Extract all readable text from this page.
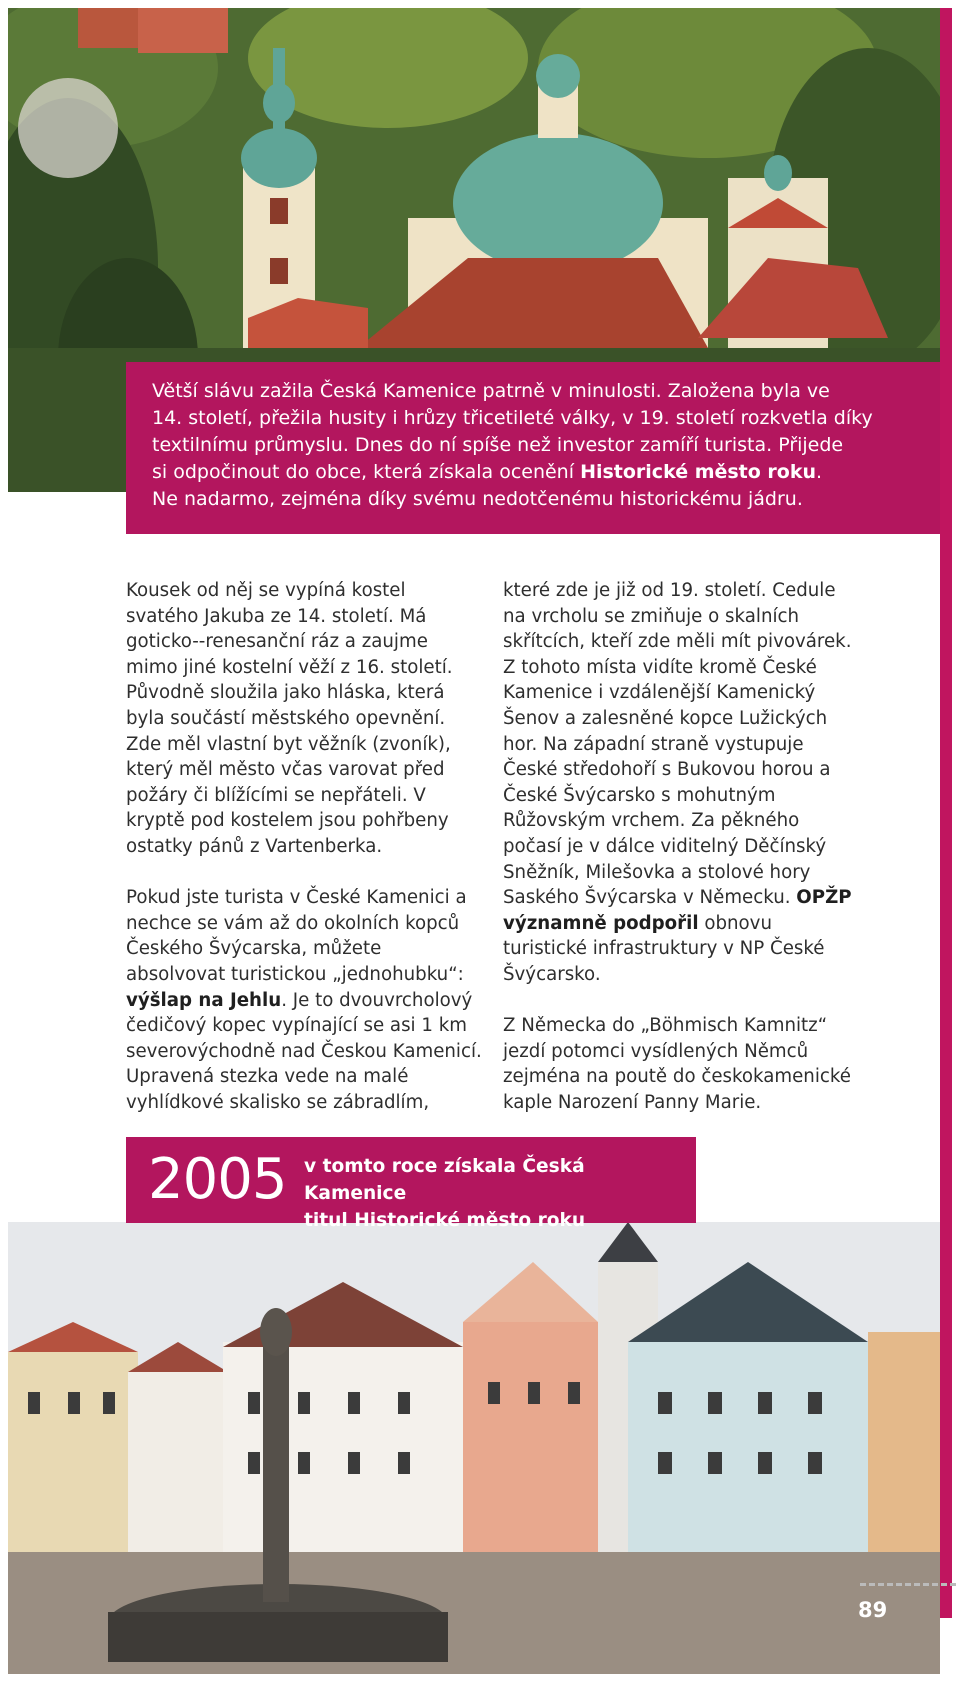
Větší slávu zažila Česká Kamenice patrně v minulosti. Založena byla ve
14. století, přežila husity i hrůzy třicetileté války, v 19. století rozkvetla díky
textilnímu průmyslu. Dnes do ní spíše než investor zamíří turista. Přijede
si odpočinout do obce, která získala ocenění Historické město roku.
Ne nadarmo, zejména díky svému nedotčenému historickému jádru.

Kousek od něj se vypíná kostel svatého Jakuba ze 14. století. Má goticko--renesanční ráz a zaujme mimo jiné kostelní věží z 16. století. Původně sloužila jako hláska, která byla součástí městského opevnění. Zde měl vlastní byt věžník (zvoník), který měl město včas varovat před požáry či blížícími se nepřáteli. V kryptě pod kostelem jsou pohřbeny ostatky pánů z Vartenberka.

Pokud jste turista v České Kamenici a nechce se vám až do okolních kopců Českého Švýcarska, můžete absolvovat turistickou „jednohubku“: výšlap na Jehlu. Je to dvouvrcholový čedičový kopec vypínající se asi 1 km severovýchodně nad Českou Kamenicí. Upravená stezka vede na malé vyhlídkové skalisko se zábradlím,

které zde je již od 19. století. Cedule na vrcholu se zmiňuje o skalních skřítcích, kteří zde měli mít pivovárek. Z tohoto místa vidíte kromě České Kamenice i vzdálenější Kamenický Šenov a zalesněné kopce Lužických hor. Na západní straně vystupuje České středohoří s Bukovou horou a České Švýcarsko s mohutným Růžovským vrchem. Za pěkného počasí je v dálce viditelný Děčínský Sněžník, Milešovka a stolové hory Saského Švýcarska v Německu. OPŽP významně podpořil obnovu turistické infrastruktury v NP České Švýcarsko.

Z Německa do „Böhmisch Kamnitz“ jezdí potomci vysídlených Němců zejména na poutě do českokamenické kaple Narození Panny Marie.

2005 v tomto roce získala Česká Kamenice
titul Historické město roku
89
